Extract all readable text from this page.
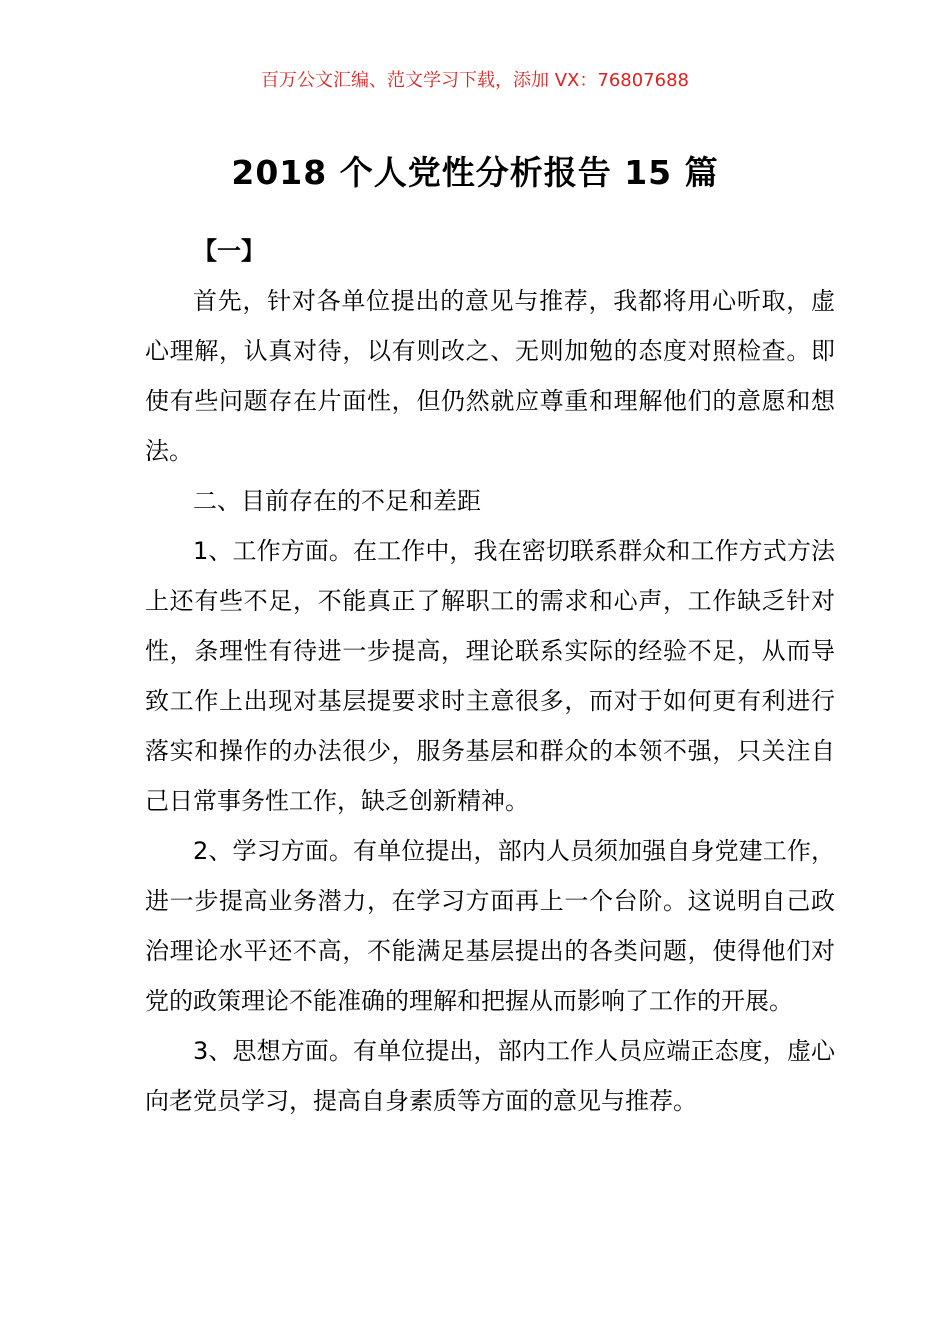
百万公文汇编、范文学习下载，添加 VX：76807688
2018 个人党性分析报告 15 篇

【一】

首先，针对各单位提出的意见与推荐，我都将用心听取，虚心理解，认真对待，以有则改之、无则加勉的态度对照检查。即使有些问题存在片面性，但仍然就应尊重和理解他们的意愿和想法。

二、目前存在的不足和差距

1、工作方面。在工作中，我在密切联系群众和工作方式方法上还有些不足，不能真正了解职工的需求和心声，工作缺乏针对性，条理性有待进一步提高，理论联系实际的经验不足，从而导致工作上出现对基层提要求时主意很多，而对于如何更有利进行落实和操作的办法很少，服务基层和群众的本领不强，只关注自己日常事务性工作，缺乏创新精神。

2、学习方面。有单位提出，部内人员须加强自身党建工作，进一步提高业务潜力，在学习方面再上一个台阶。这说明自己政治理论水平还不高，不能满足基层提出的各类问题，使得他们对党的政策理论不能准确的理解和把握从而影响了工作的开展。

3、思想方面。有单位提出，部内工作人员应端正态度，虚心向老党员学习，提高自身素质等方面的意见与推荐。
